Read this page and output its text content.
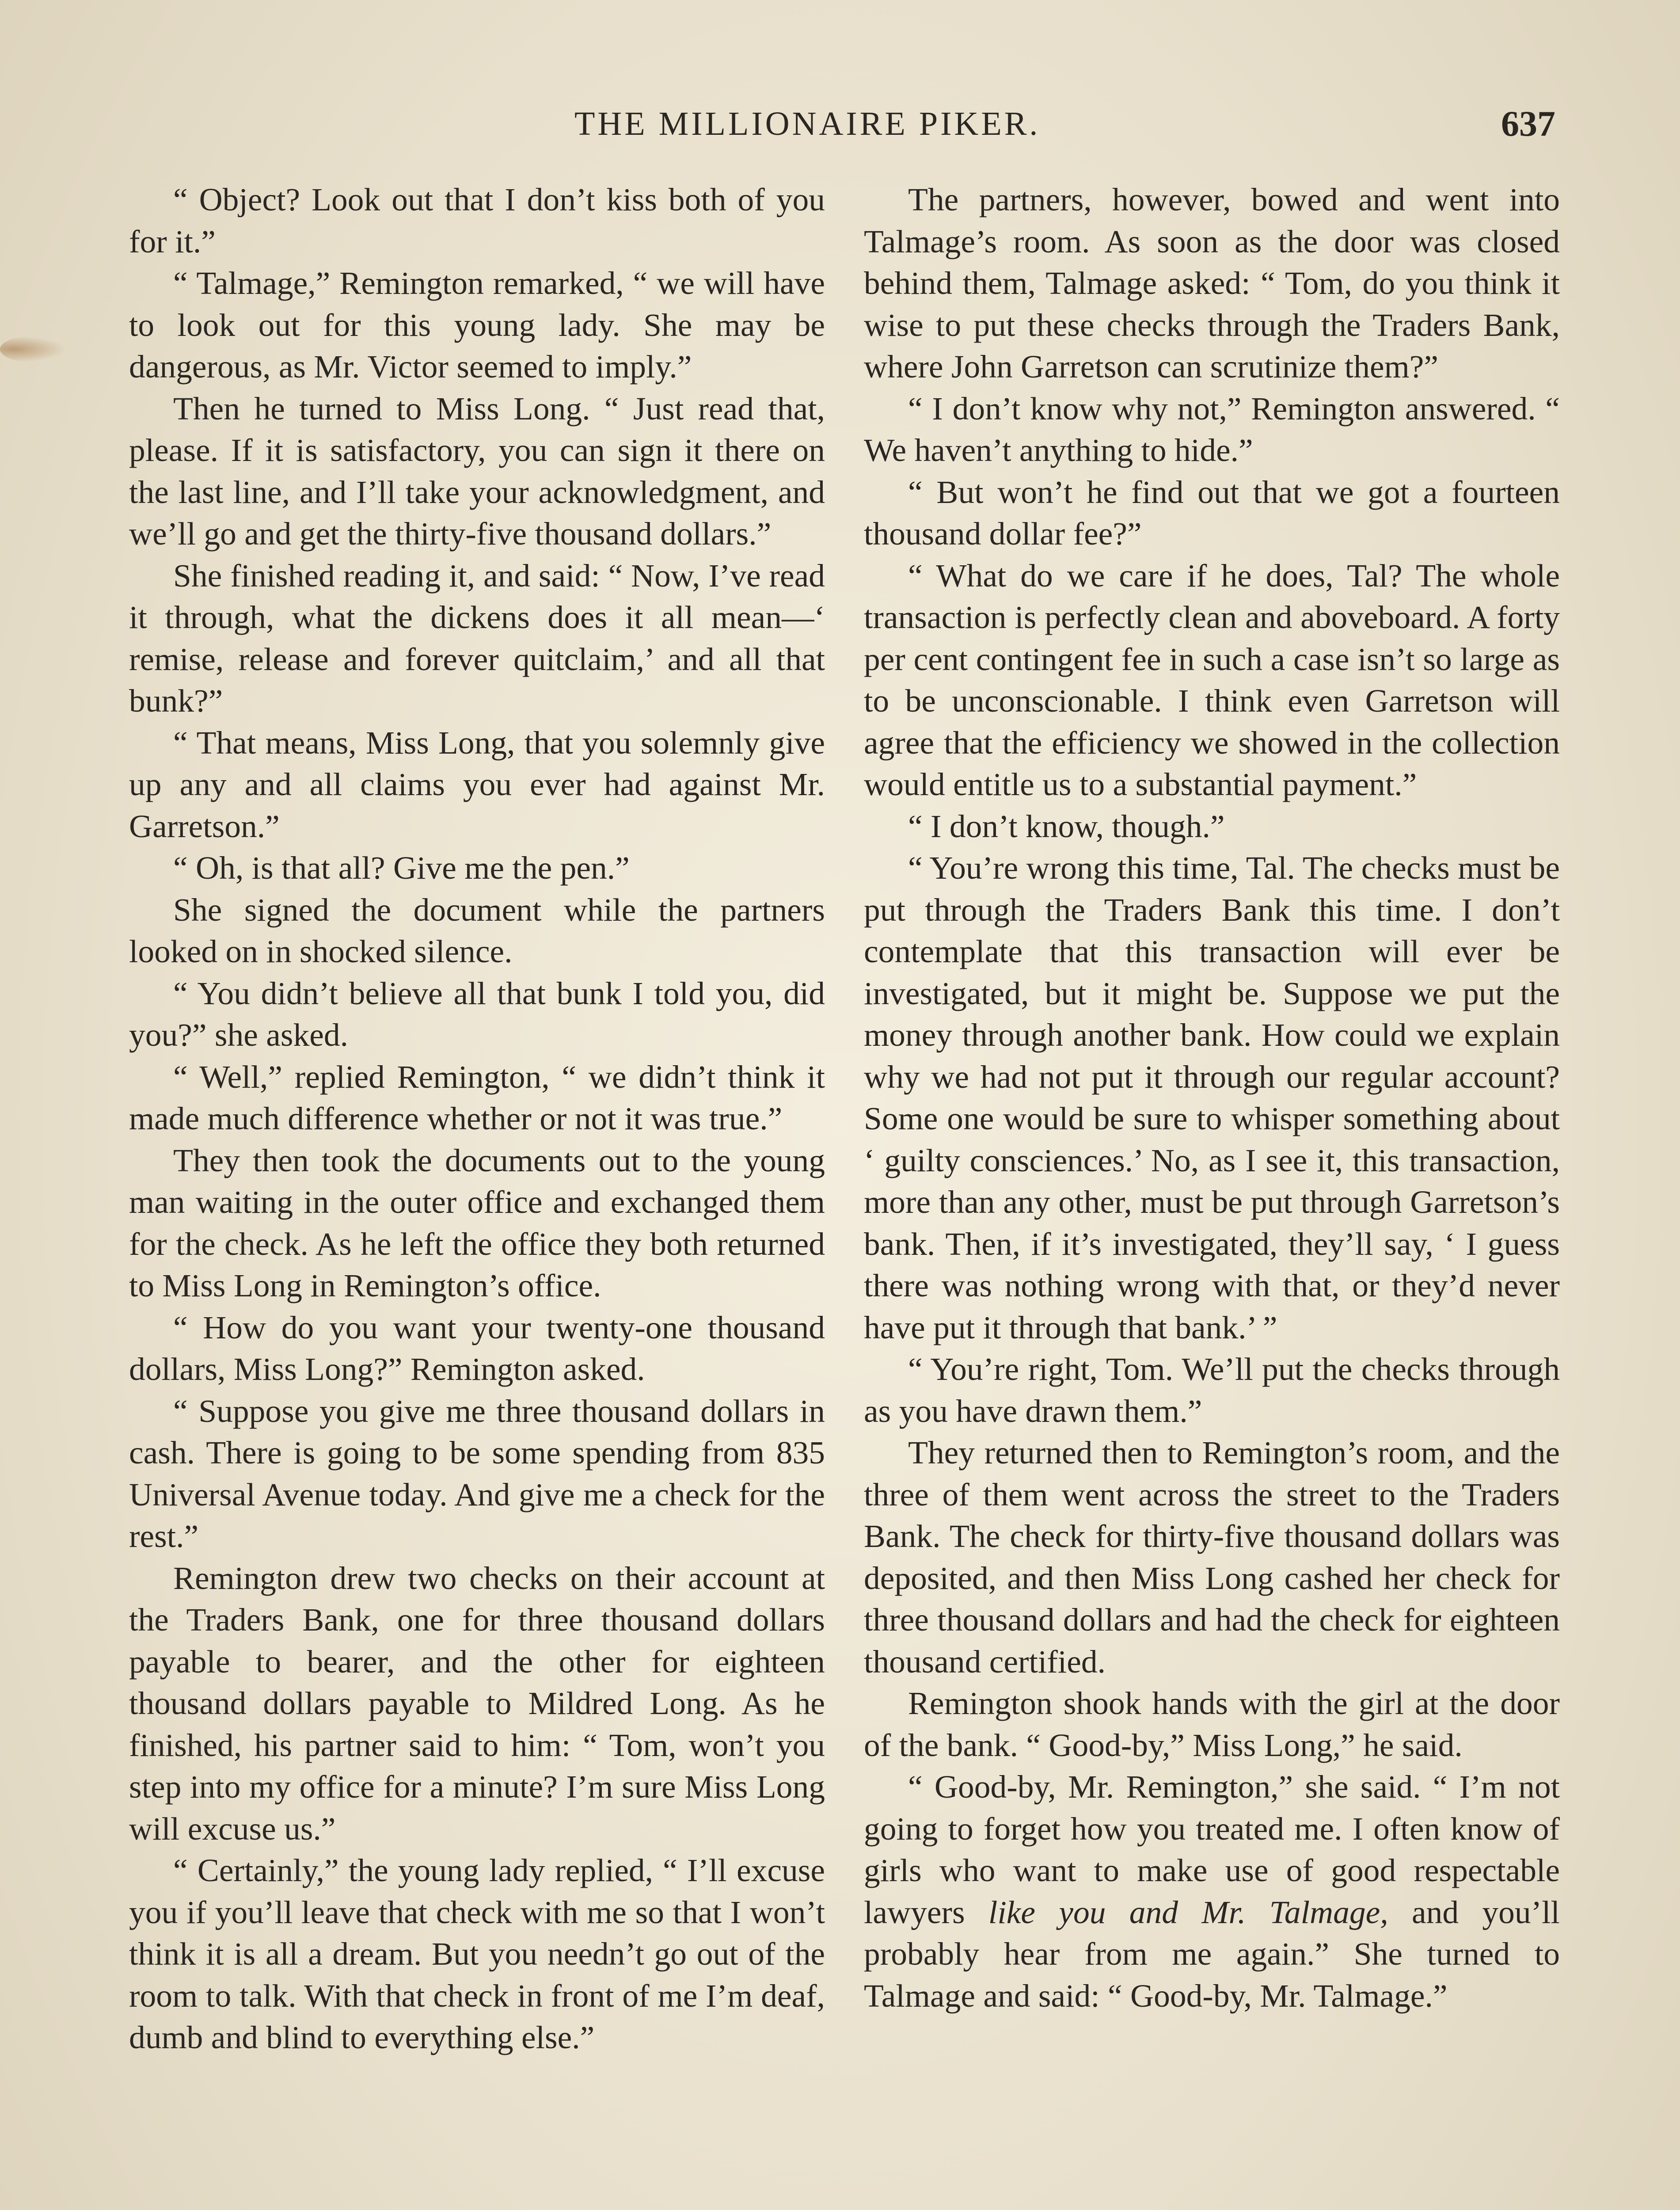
THE MILLIONAIRE PIKER.	637

“ Object? Look out that I don’t kiss both of you for it.”

“ Talmage,” Remington remarked, “ we will have to look out for this young lady. She may be dangerous, as Mr. Victor seemed to imply.”

Then he turned to Miss Long. “ Just read that, please. If it is satisfactory, you can sign it there on the last line, and I’ll take your acknowledgment, and we’ll go and get the thirty-five thousand dollars.”

She finished reading it, and said: “ Now, I’ve read it through, what the dickens does it all mean—‘ remise, release and forever quitclaim,’ and all that bunk?”

“ That means, Miss Long, that you solemnly give up any and all claims you ever had against Mr. Garretson.”

“ Oh, is that all? Give me the pen.”

She signed the document while the partners looked on in shocked silence.

“ You didn’t believe all that bunk I told you, did you?” she asked.

“ Well,” replied Remington, “ we didn’t think it made much difference whether or not it was true.”

They then took the documents out to the young man waiting in the outer office and exchanged them for the check. As he left the office they both returned to Miss Long in Remington’s office.

“ How do you want your twenty-one thousand dollars, Miss Long?” Remington asked.

“ Suppose you give me three thousand dollars in cash. There is going to be some spending from 835 Universal Avenue today. And give me a check for the rest.”

Remington drew two checks on their account at the Traders Bank, one for three thousand dollars payable to bearer, and the other for eighteen thousand dollars payable to Mildred Long. As he finished, his partner said to him: “ Tom, won’t you step into my office for a minute? I’m sure Miss Long will excuse us.”

“ Certainly,” the young lady replied, “ I’ll excuse you if you’ll leave that check with me so that I won’t think it is all a dream. But you needn’t go out of the room to talk. With that check in front of me I’m deaf, dumb and blind to everything else.”

The partners, however, bowed and went into Talmage’s room. As soon as the door was closed behind them, Talmage asked: “ Tom, do you think it wise to put these checks through the Traders Bank, where John Garretson can scrutinize them?”

“ I don’t know why not,” Remington answered. “ We haven’t anything to hide.”

“ But won’t he find out that we got a fourteen thousand dollar fee?”

“ What do we care if he does, Tal? The whole transaction is perfectly clean and aboveboard. A forty per cent contingent fee in such a case isn’t so large as to be unconscionable. I think even Garretson will agree that the efficiency we showed in the collection would entitle us to a substantial payment.”

“ I don’t know, though.”

“ You’re wrong this time, Tal. The checks must be put through the Traders Bank this time. I don’t contemplate that this transaction will ever be investigated, but it might be. Suppose we put the money through another bank. How could we explain why we had not put it through our regular account? Some one would be sure to whisper something about ‘ guilty consciences.’ No, as I see it, this transaction, more than any other, must be put through Garretson’s bank. Then, if it’s investigated, they’ll say, ‘ I guess there was nothing wrong with that, or they’d never have put it through that bank.’ ”

“ You’re right, Tom. We’ll put the checks through as you have drawn them.”

They returned then to Remington’s room, and the three of them went across the street to the Traders Bank. The check for thirty-five thousand dollars was deposited, and then Miss Long cashed her check for three thousand dollars and had the check for eighteen thousand certified.

Remington shook hands with the girl at the door of the bank. “ Good-by,” Miss Long,” he said.

“ Good-by, Mr. Remington,” she said. “ I’m not going to forget how you treated me. I often know of girls who want to make use of good respectable lawyers like you and Mr. Talmage, and you’ll probably hear from me again.” She turned to Talmage and said: “ Good-by, Mr. Talmage.”
